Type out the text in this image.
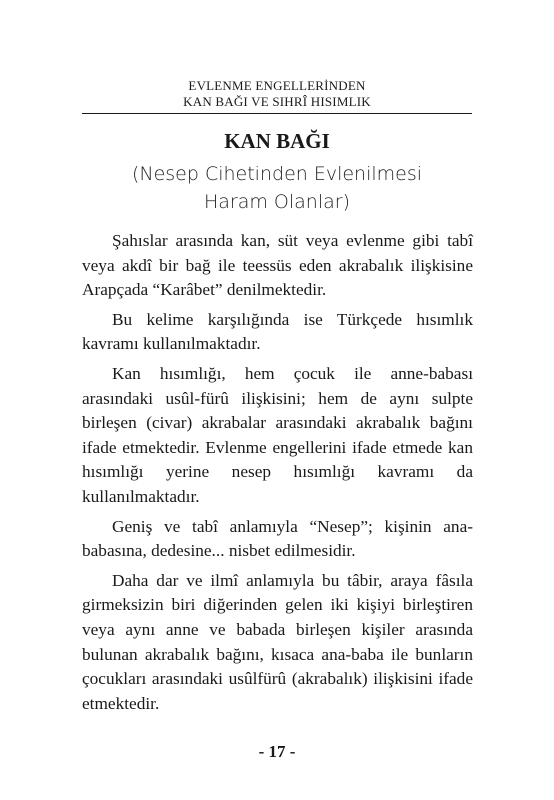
EVLENME ENGELLERİNDEN
KAN BAĞI VE SIHRÎ HISIMLIK
KAN BAĞI
(Nesep Cihetinden Evlenilmesi
Haram Olanlar)

Şahıslar arasında kan, süt veya evlenme gibi tabî veya akdî bir bağ ile teessüs eden akrabalık ilişkisine Arapçada “Karâbet” denilmektedir.

Bu kelime karşılığında ise Türkçede hısımlık kavramı kullanılmaktadır.

Kan hısımlığı, hem çocuk ile anne-babası arasındaki usûl-fürû ilişkisini; hem de aynı sulpte birleşen (civar) akrabalar arasındaki akrabalık bağını ifade etmektedir. Evlenme engellerini ifade etmede kan hısımlığı yerine nesep hısımlığı kavramı da kullanılmaktadır.

Geniş ve tabî anlamıyla “Nesep”; kişinin ana-babasına, dedesine... nisbet edilmesidir.

Daha dar ve ilmî anlamıyla bu tâbir, araya fâsıla girmeksizin biri diğerinden gelen iki kişiyi birleştiren veya aynı anne ve babada birleşen kişiler arasında bulunan akrabalık bağını, kısaca ana-baba ile bunların çocukları arasındaki usûlfürû (akrabalık) ilişkisini ifade etmektedir.

- 17 -
